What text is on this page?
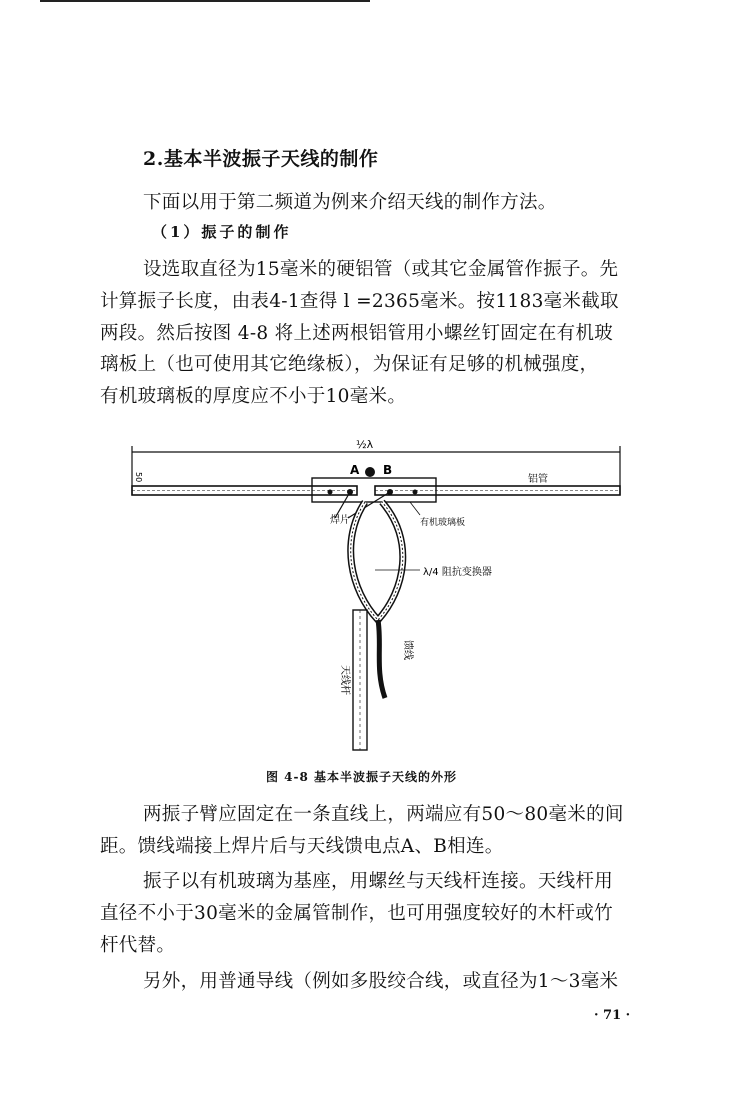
2.基本半波振子天线的制作
下面以用于第二频道为例来介绍天线的制作方法。
（1）振子的制作
设选取直径为15毫米的硬铝管（或其它金属管作振子。先
计算振子长度，由表4-1查得 l =2365毫米。按1183毫米截取
两段。然后按图 4-8 将上述两根铝管用小螺丝钉固定在有机玻
璃板上（也可使用其它绝缘板），为保证有足够的机械强度，
有机玻璃板的厚度应不小于10毫米。
½λ
50
A B
铝管
焊片	有机玻璃板
λ/4 阻抗变换器
馈线
天线杆
图 4-8 基本半波振子天线的外形
两振子臂应固定在一条直线上，两端应有50～80毫米的间
距。馈线端接上焊片后与天线馈电点A、B相连。
振子以有机玻璃为基座，用螺丝与天线杆连接。天线杆用
直径不小于30毫米的金属管制作，也可用强度较好的木杆或竹
杆代替。
另外，用普通导线（例如多股绞合线，或直径为1～3毫米
· 71 ·
